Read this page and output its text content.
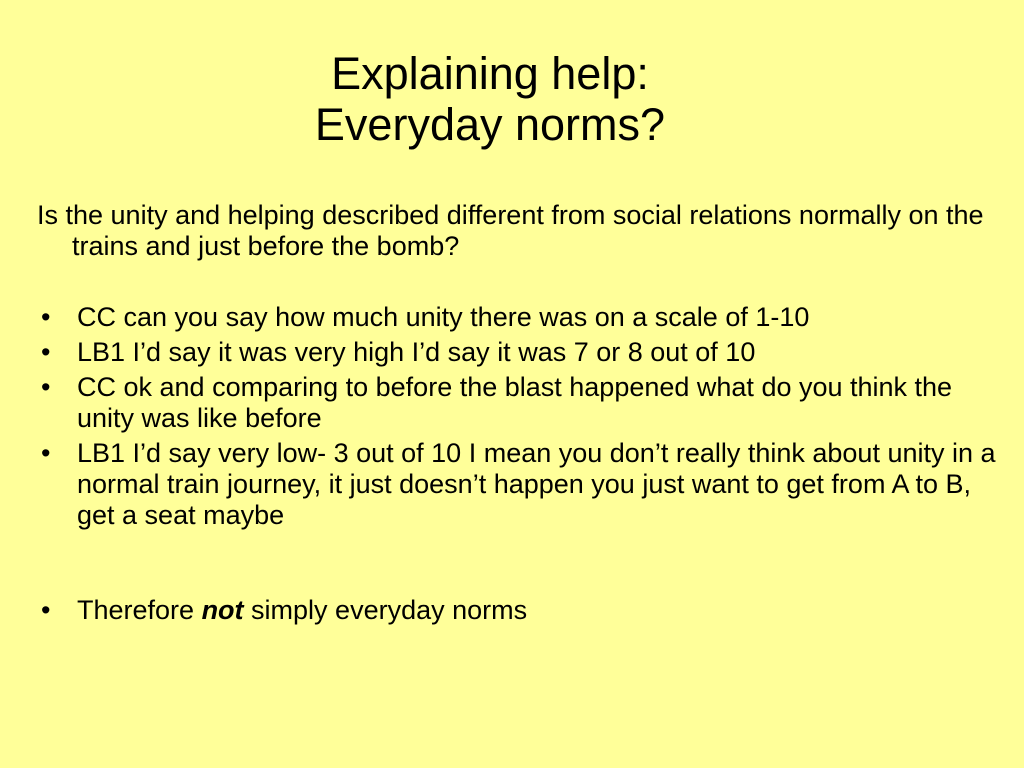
Explaining help:
Everyday norms?

Is the unity and helping described different from social relations normally on the trains and just before the bomb?

• CC can you say how much unity there was on a scale of 1-10
• LB1 I’d say it was very high I’d say it was 7 or 8 out of 10
• CC ok and comparing to before the blast happened what do you think the unity was like before
• LB1 I’d say very low- 3 out of 10 I mean you don’t really think about unity in a normal train journey, it just doesn’t happen you just want to get from A to B, get a seat maybe
• Therefore not simply everyday norms
